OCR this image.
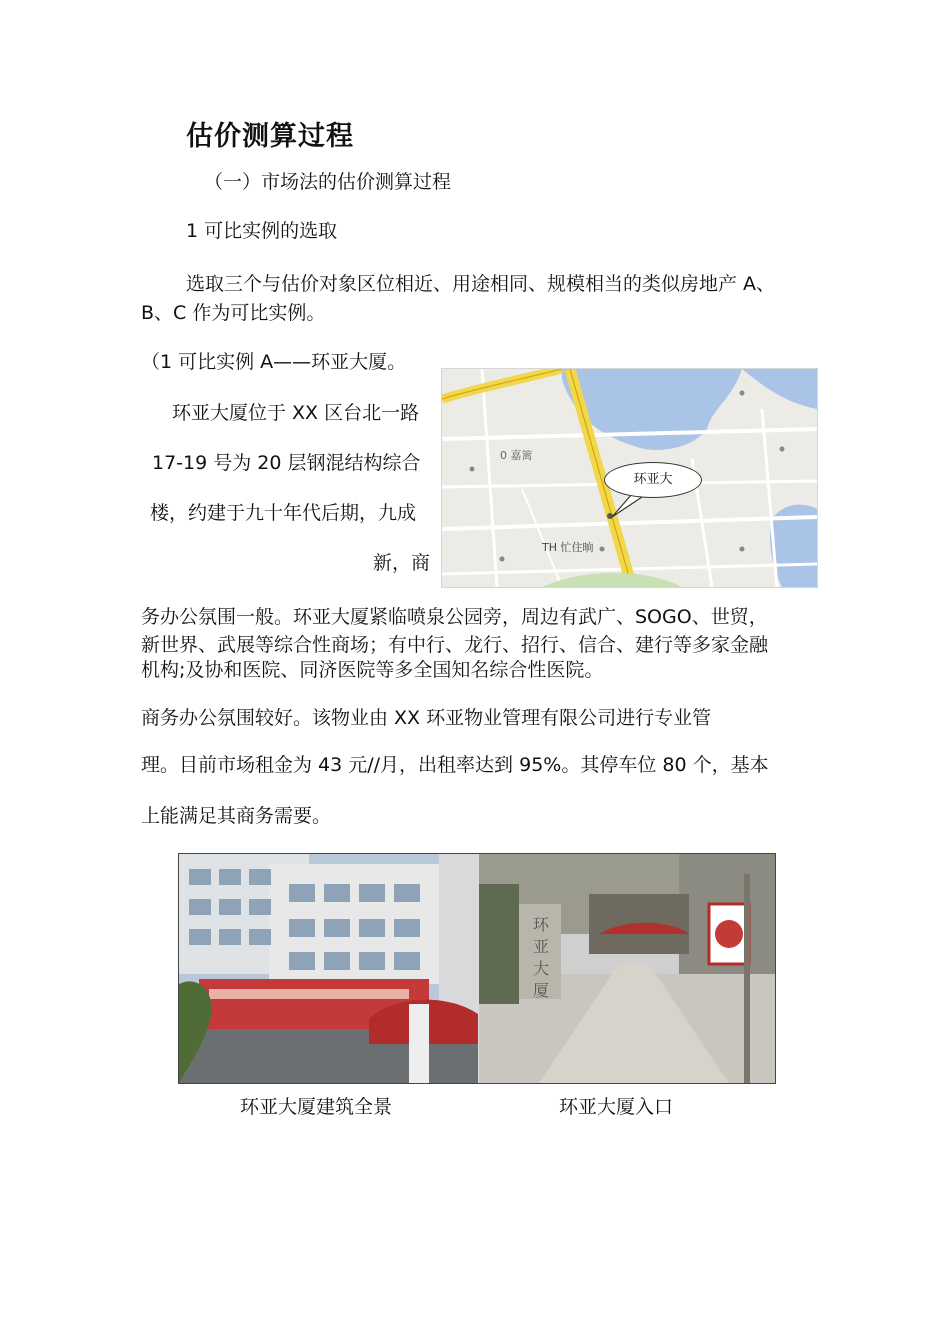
估价测算过程

（一）市场法的估价测算过程

1 可比实例的选取

选取三个与估价对象区位相近、用途相同、规模相当的类似房地产 A、

B、C 作为可比实例。

（1 可比实例 A——环亚大厦。

环亚大厦位于 XX 区台北一路

17-19 号为 20 层钢混结构综合

楼，约建于九十年代后期，九成

新，商

0 嘉篱
TH 忙住晌
环亚大

务办公氛围一般。环亚大厦紧临喷泉公园旁，周边有武广、SOGO、世贸，

新世界、武展等综合性商场；有中行、龙行、招行、信合、建行等多家金融

机构;及协和医院、同济医院等多全国知名综合性医院。

商务办公氛围较好。该物业由 XX 环亚物业管理有限公司进行专业管

理。目前市场租金为 43 元//月，出租率达到 95%。其停车位 80 个，基本

上能满足其商务需要。

环亚大厦
环亚大厦建筑全景	环亚大厦入口
